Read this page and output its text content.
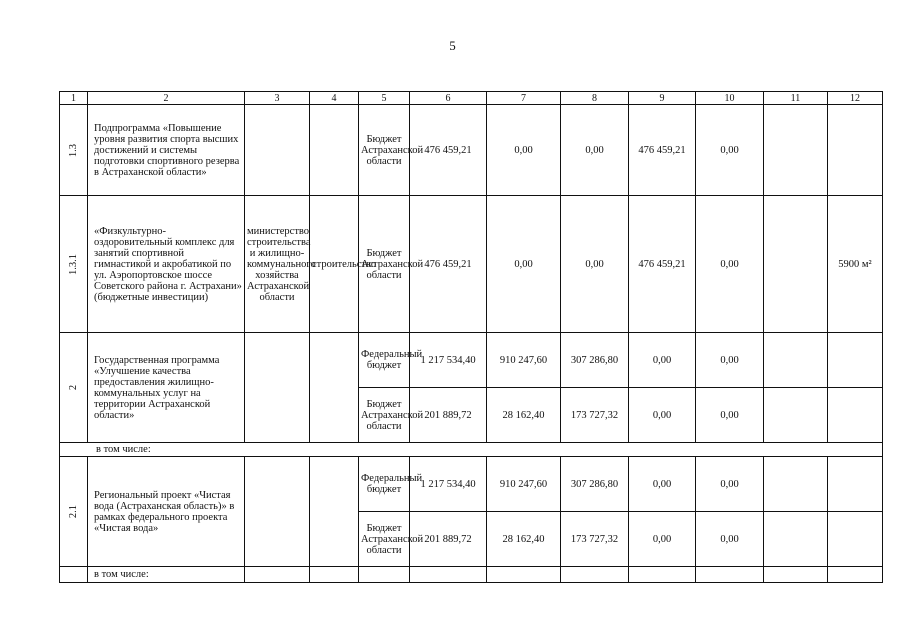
5
1	2	3	4	5	6	7	8	9	10	11	12
1.3	Подпрограмма «Повышение уровня развития спорта высших достижений и системы подготовки спортивного резерва в Астраханской области»			Бюджет Астраханской области	476 459,21	0,00	0,00	476 459,21	0,00		
1.3.1	«Физкультурно-оздоровительный комплекс для занятий спортивной гимнастикой и акробатикой по ул. Аэропортовское шоссе Советского района г. Астрахани» (бюджетные инвестиции)	министерство строительства и жилищно-коммунального хозяйства Астраханской области	строительство	Бюджет Астраханской области	476 459,21	0,00	0,00	476 459,21	0,00		5900 м²
2	Государственная программа «Улучшение качества предоставления жилищно-коммунальных услуг на территории Астраханской области»			Федеральный бюджет	1 217 534,40	910 247,60	307 286,80	0,00	0,00		
				Бюджет Астраханской области	201 889,72	28 162,40	173 727,32	0,00	0,00		
в том числе:											
2.1	Региональный проект «Чистая вода (Астраханская область)» в рамках федерального проекта «Чистая вода»			Федеральный бюджет	1 217 534,40	910 247,60	307 286,80	0,00	0,00		
				Бюджет Астраханской области	201 889,72	28 162,40	173 727,32	0,00	0,00		
	в том числе:										
